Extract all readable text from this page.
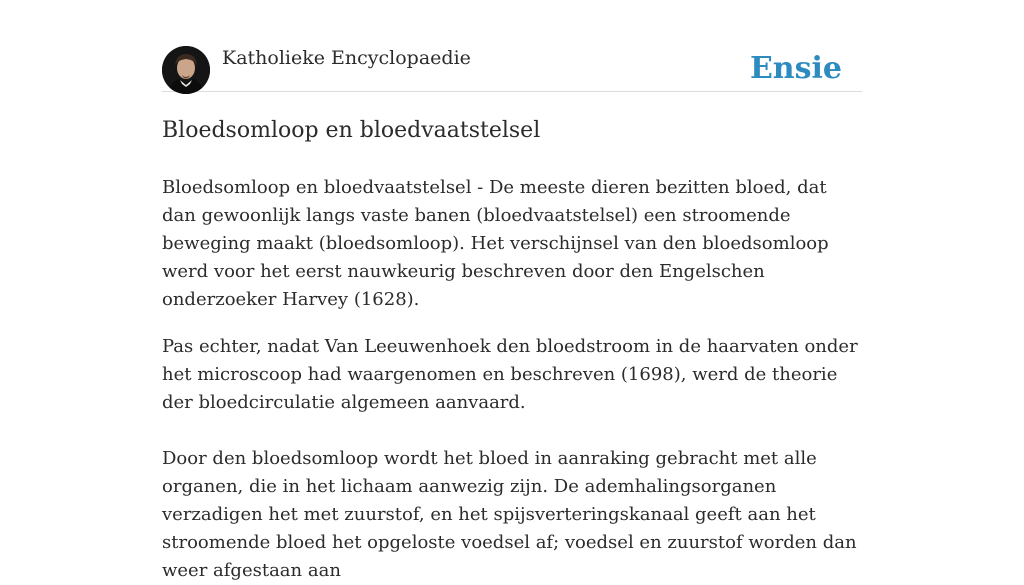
Katholieke Encyclopaedie	Ensie
Bloedsomloop en bloedvaatstelsel

Bloedsomloop en bloedvaatstelsel - De meeste dieren bezitten bloed, dat dan gewoonlijk langs vaste banen (bloedvaatstelsel) een stroomende beweging maakt (bloedsomloop). Het verschijnsel van den bloedsomloop werd voor het eerst nauwkeurig beschreven door den Engelschen onderzoeker Harvey (1628).

Pas echter, nadat Van Leeuwenhoek den bloedstroom in de haarvaten onder het microscoop had waargenomen en beschreven (1698), werd de theorie der bloedcirculatie algemeen aanvaard.

Door den bloedsomloop wordt het bloed in aanraking gebracht met alle organen, die in het lichaam aanwezig zijn. De ademhalingsorganen verzadigen het met zuurstof, en het spijsverteringskanaal geeft aan het stroomende bloed het opgeloste voedsel af; voedsel en zuurstof worden dan weer afgestaan aan
